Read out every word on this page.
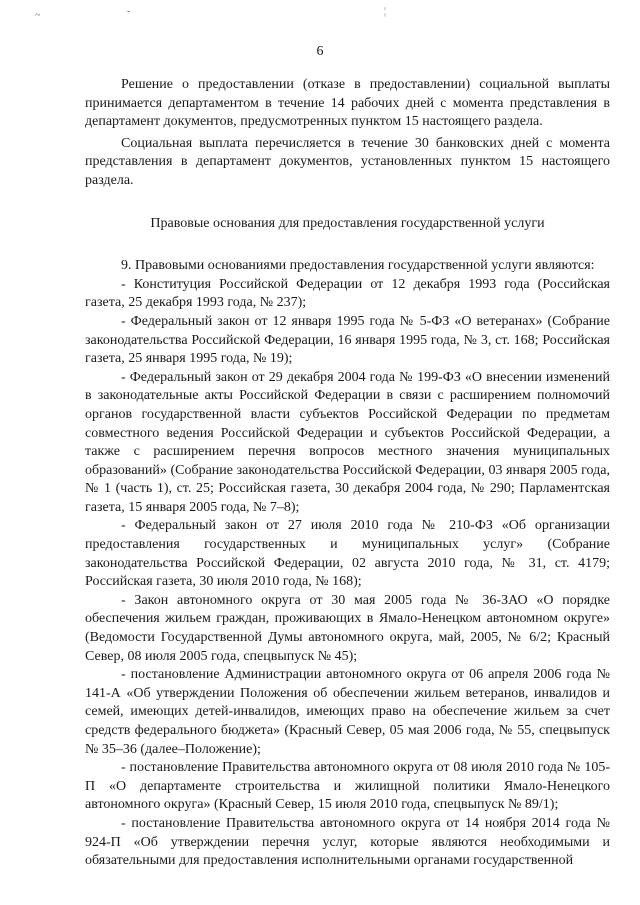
~	-	¦
6

Решение о предоставлении (отказе в предоставлении) социальной выплаты принимается департаментом в течение 14 рабочих дней с момента представления в департамент документов, предусмотренных пунктом 15 настоящего раздела.

Социальная выплата перечисляется в течение 30 банковских дней с момента представления в департамент документов, установленных пунктом 15 настоящего раздела.

Правовые основания для предоставления государственной услуги

9. Правовыми основаниями предоставления государственной услуги являются:

- Конституция Российской Федерации от 12 декабря 1993 года (Российская газета, 25 декабря 1993 года, № 237);

- Федеральный закон от 12 января 1995 года № 5-ФЗ «О ветеранах» (Собрание законодательства Российской Федерации, 16 января 1995 года, № 3, ст. 168; Российская газета, 25 января 1995 года, № 19);

- Федеральный закон от 29 декабря 2004 года № 199-ФЗ «О внесении изменений в законодательные акты Российской Федерации в связи с расширением полномочий органов государственной власти субъектов Российской Федерации по предметам совместного ведения Российской Федерации и субъектов Российской Федерации, а также с расширением перечня вопросов местного значения муниципальных образований» (Собрание законодательства Российской Федерации, 03 января 2005 года, № 1 (часть 1), ст. 25; Российская газета, 30 декабря 2004 года, № 290; Парламентская газета, 15 января 2005 года, № 7–8);

- Федеральный закон от 27 июля 2010 года № 210-ФЗ «Об организации предоставления государственных и муниципальных услуг» (Собрание законодательства Российской Федерации, 02 августа 2010 года, № 31, ст. 4179; Российская газета, 30 июля 2010 года, № 168);

- Закон автономного округа от 30 мая 2005 года № 36-ЗАО «О порядке обеспечения жильем граждан, проживающих в Ямало-Ненецком автономном округе» (Ведомости Государственной Думы автономного округа, май, 2005, № 6/2; Красный Север, 08 июля 2005 года, спецвыпуск № 45);

- постановление Администрации автономного округа от 06 апреля 2006 года № 141-А «Об утверждении Положения об обеспечении жильем ветеранов, инвалидов и семей, имеющих детей-инвалидов, имеющих право на обеспечение жильем за счет средств федерального бюджета» (Красный Север, 05 мая 2006 года, № 55, спецвыпуск № 35–36 (далее–Положение);

- постановление Правительства автономного округа от 08 июля 2010 года № 105-П «О департаменте строительства и жилищной политики Ямало-Ненецкого автономного округа» (Красный Север, 15 июля 2010 года, спецвыпуск № 89/1);

- постановление Правительства автономного округа от 14 ноября 2014 года № 924-П «Об утверждении перечня услуг, которые являются необходимыми и обязательными для предоставления исполнительными органами государственной
